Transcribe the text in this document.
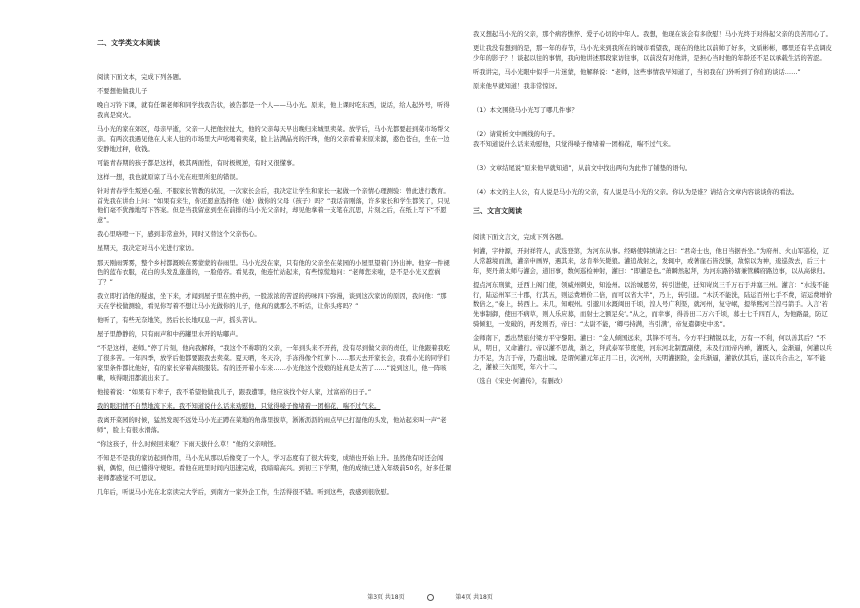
二、文学类文本阅读

阅读下面文本，完成下列各题。

不要想他做我儿子

晚自习铃下课，就有任课老师和同学找我告状，被告都是一个人——马小光。原来，他上课时吃东西，说话，给人起外号，听得我真是窝火。

马小光的家在郊区，母亲早逝，父亲一人把他拉扯大，他的父亲每天早出晚归来城里卖菜。放学后，马小光都要赶到菜市场帮父亲。有两次我遇见他在人来人往的市场里大声吆喝着卖菜，脸上沾满晶亮的汗珠，他的父亲看着来原来源，憨色苍白，坐在一边安静地过秤，收钱。

可能青春期的孩子都是这样，极其两面性，有时极规逆，有时又很懂事。

这样一想，我也就原谅了马小光在班里所犯的错误。

针对青春学生叛逆心强、不服家长管教的状况，一次家长会后，我决定让学生和家长一起做一个亲情心理测验：曾此进行教育。首先我在讲台上问：“如果有来生，你还愿意选择他（她）做你的父母（孩子）吗？”我话音刚落，许多家长和学生都笑了，只见他们毫不犹豫地写下答案。但是当我留意到坐在前排的马小光父亲时，却见他拿着一支笔在沉思，片刻之后，在纸上写下“不愿意”。

我心里咯噔一下，感到非常意外，同时又替这个父亲伤心。

星期天，我决定对马小光进行家访。

那天刚雨霁雾，整个乡村都溉映在雾蒙蒙的春雨里。马小光没在家，只有他的父亲坐在菜园的小屋里望着门外出神。他穿一件褪色的蓝布衣服，花白的头发乱蓬蓬的，一脸倦容。看见我，他连忙站起来，有些惊慌地问：“老师您来啦，是不是小光又惹祸了？”

我立即打消他的疑虑，坐下来，才闻到屋子里在熬中药，一股浓浓的苦涩的药味四下弥漫，谈到这次家访的原因，我问他：“那天在学校做测验，看见你写着不想让马小光做你的儿子，他真的就那么不听话，让你头疼吗？”

他听了，有些无奈地笑，然后长长地叹息一声，摇头苦认。

屋子里静静的，只有雨声和中药罐里水开的咕嘟声。

“不是这样，老师。”停了片刻，他向我解释，“我这个不称职的父亲，一年到头来不开药，没有尽到做父亲的责任，让他跟着我吃了很多苦。一年四季，放学后他都要跟我去卖菜。夏天晒，冬天冷，手冻得像个红萝卜……那天去开家长会，我看小光的同学们家里条件都比他好，有的家长穿着高级服装。有的还开着小车来……小光他这个没娘的娃真是太苦了……”说到这儿，他一阵咳嗽，咳得眼泪都流出来了。

他接着说：“如果有下辈子，我不希望他做我儿子，跟我遭罪，他应该找个好人家，过富裕的日子。”

我的眼泪情不自禁地流下来。我不知道说什么话来劝慰他，只觉得嗓子像堵着一团棉花，喘不过气来。

我离开菜园的时候，猛然发现不远处马小光正蹲在菜地的角落里拔草，淅淅沥沥的雨点早已打湿他的头发，他站起来叫一声“老师”，脸上有很水滑落。

“你这孩子，什么时候回来啦？下雨天拔什么草！”他的父亲嗔怪。

不知是不是我的家访起到作用，马小光从那以后像变了一个人，学习态度有了很大转变，成绩也开始上升。虽然他有时还会闯祸，偶惊，但已懂得守规矩。看他在班里时间内迅速完成，我暗暗高兴。到初三下学期，他的成绩已进入年级前50名，好多任课老师都感觉不可思议。

几年后，听说马小光在北京读完大学后，到南方一家外企工作，生活得很不错。听到这些，我感到很欣慰。

我又想起马小光的父亲，那个病容憔悴、爱子心切的中年人。我想，他现在该会有多欣慰！马小光终于对得起父亲的良苦用心了。

更让我没有想到的是，那一年的春节，马小光来到我所在的城市看望我，现在的他比以前帅了好多，文质彬彬，哪里还有半点调皮少年的影子？！谈起以往的事情，我向他讲述那段家访往事，以前没有对他讲，是担心当时他的年龄还不足以承载生活的苦涩。

听我讲完，马小光眼中似乎一片迷蒙，他解释说：“老师，这些事情我早知道了，当初我在门外听到了你们的谈话……”

原来他早就知道！我非常惊讶。

（1）本文围绕马小光写了哪几件事？

（2）请赏析文中画线的句子。
我不知道说什么话来劝慰他，只觉得嗓子像堵着一团棉花，喘不过气来。

（3）文章结尾说“原来他早就知道”，从前文中找出两句为此作了铺垫的语句。

（4）本文的主人公，有人说是马小光的父亲，有人说是马小光的父亲。你认为是谁？请结合文章内容谈谈你的看法。

三、文言文阅读

阅读下面文言文，完成下列各题。

何灌，字仲源，开封祥符人，武选登第，为河东从事。经略使韩缜请之曰：“君奇士也，他日当据吾坐。”为府州、火山军巡检，辽人常越境而渔，灌亲申画界，遇其来，忿肯举矢毙狼。灌追战射之，发辄中，或著崖石皆没镞，敌惊以为神，逡巡敛去，后三十年，契丹萧太师与灌会，道旧事，数何巡检神射，灌曰：“即灌是也。”萧瞬然起拜，为河东路钤辖兼管麟府路边事，以从高俅归。

提点河东刑狱，迁西上阁门使，领威州刺史，知沧州。以治城恩劳，转引进使，迁知岢岚三千万石于并塞三州。灌言：“水浅不能行，陆运州军三十郡，行其五，则运费增价二倍，而可以省大半”，乃上，转引退。“木沃不能洗，陆运百州七手不费，诏运费增价数倍之，”奏上，转西上。未几，知岷州。引邈川水溉闽田千顷，湟人号广利渠，就河州，复守岷，提举熙河兰湟弓箭手。入言‘若先事制御，使田不病草，则人乐应募，而射士之额足矣’。”从之，而幸事，得善田二万六千顷，募士七千四百人，为他路最，防辽骑倾犯，一发破的，再发则否，帝曰：“太尉不能，‘卿弓持满，当引满’，帝复遣御史中丞”。

金师南下，悉出禁旅付梁方平守黎阳。灌曰：“金人倾国远来，其锋不可当。今方平扫精锐以北，万有一不利，何以善其后？”不从，明日，又命灌行。帝以灌不思战，渐之，拜武泰军节度使，河东河北制置副使，未及行而帝内禅，灌既入，金渐逼，何灌以兵力不足，为言于帝，乃遣出城。是谓何灌元年正月二日，次河州，天明灌据险，金兵渐逼，灌欲伏其后，遂以兵合击之，军不能之，灌被三矢而死，年六十二。

（选自《宋史·何灌传》，有删改）

第3页 共18页	第4页 共18页
